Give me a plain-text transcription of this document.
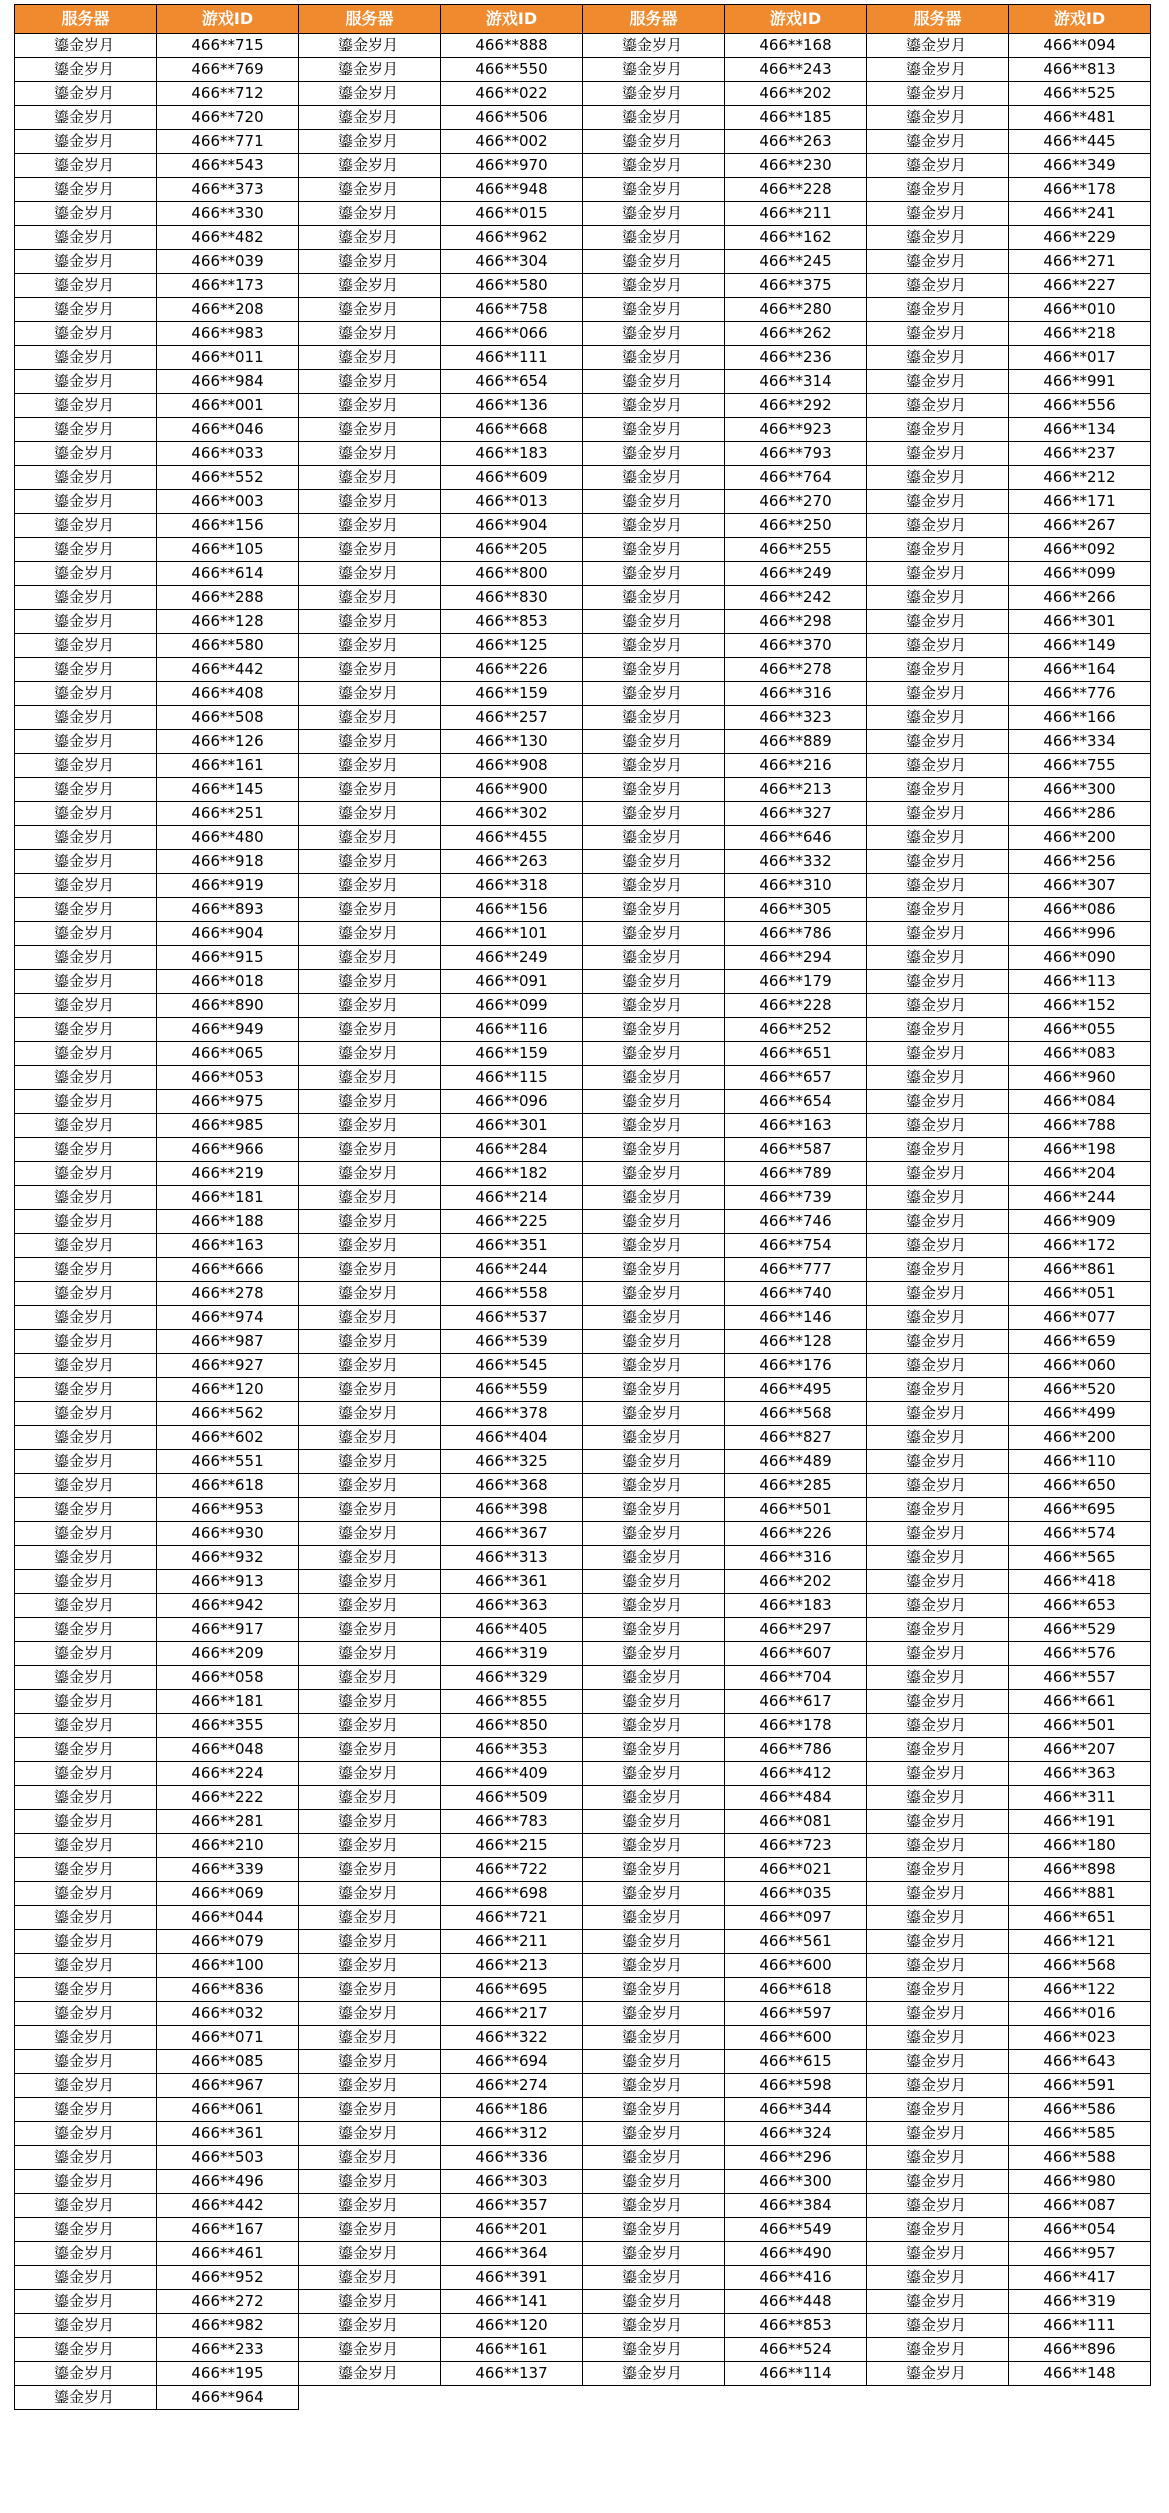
服务器	游戏ID	服务器	游戏ID	服务器	游戏ID	服务器	游戏ID
鎏金岁月	466**715	鎏金岁月	466**888	鎏金岁月	466**168	鎏金岁月	466**094
鎏金岁月	466**769	鎏金岁月	466**550	鎏金岁月	466**243	鎏金岁月	466**813
鎏金岁月	466**712	鎏金岁月	466**022	鎏金岁月	466**202	鎏金岁月	466**525
鎏金岁月	466**720	鎏金岁月	466**506	鎏金岁月	466**185	鎏金岁月	466**481
鎏金岁月	466**771	鎏金岁月	466**002	鎏金岁月	466**263	鎏金岁月	466**445
鎏金岁月	466**543	鎏金岁月	466**970	鎏金岁月	466**230	鎏金岁月	466**349
鎏金岁月	466**373	鎏金岁月	466**948	鎏金岁月	466**228	鎏金岁月	466**178
鎏金岁月	466**330	鎏金岁月	466**015	鎏金岁月	466**211	鎏金岁月	466**241
鎏金岁月	466**482	鎏金岁月	466**962	鎏金岁月	466**162	鎏金岁月	466**229
鎏金岁月	466**039	鎏金岁月	466**304	鎏金岁月	466**245	鎏金岁月	466**271
鎏金岁月	466**173	鎏金岁月	466**580	鎏金岁月	466**375	鎏金岁月	466**227
鎏金岁月	466**208	鎏金岁月	466**758	鎏金岁月	466**280	鎏金岁月	466**010
鎏金岁月	466**983	鎏金岁月	466**066	鎏金岁月	466**262	鎏金岁月	466**218
鎏金岁月	466**011	鎏金岁月	466**111	鎏金岁月	466**236	鎏金岁月	466**017
鎏金岁月	466**984	鎏金岁月	466**654	鎏金岁月	466**314	鎏金岁月	466**991
鎏金岁月	466**001	鎏金岁月	466**136	鎏金岁月	466**292	鎏金岁月	466**556
鎏金岁月	466**046	鎏金岁月	466**668	鎏金岁月	466**923	鎏金岁月	466**134
鎏金岁月	466**033	鎏金岁月	466**183	鎏金岁月	466**793	鎏金岁月	466**237
鎏金岁月	466**552	鎏金岁月	466**609	鎏金岁月	466**764	鎏金岁月	466**212
鎏金岁月	466**003	鎏金岁月	466**013	鎏金岁月	466**270	鎏金岁月	466**171
鎏金岁月	466**156	鎏金岁月	466**904	鎏金岁月	466**250	鎏金岁月	466**267
鎏金岁月	466**105	鎏金岁月	466**205	鎏金岁月	466**255	鎏金岁月	466**092
鎏金岁月	466**614	鎏金岁月	466**800	鎏金岁月	466**249	鎏金岁月	466**099
鎏金岁月	466**288	鎏金岁月	466**830	鎏金岁月	466**242	鎏金岁月	466**266
鎏金岁月	466**128	鎏金岁月	466**853	鎏金岁月	466**298	鎏金岁月	466**301
鎏金岁月	466**580	鎏金岁月	466**125	鎏金岁月	466**370	鎏金岁月	466**149
鎏金岁月	466**442	鎏金岁月	466**226	鎏金岁月	466**278	鎏金岁月	466**164
鎏金岁月	466**408	鎏金岁月	466**159	鎏金岁月	466**316	鎏金岁月	466**776
鎏金岁月	466**508	鎏金岁月	466**257	鎏金岁月	466**323	鎏金岁月	466**166
鎏金岁月	466**126	鎏金岁月	466**130	鎏金岁月	466**889	鎏金岁月	466**334
鎏金岁月	466**161	鎏金岁月	466**908	鎏金岁月	466**216	鎏金岁月	466**755
鎏金岁月	466**145	鎏金岁月	466**900	鎏金岁月	466**213	鎏金岁月	466**300
鎏金岁月	466**251	鎏金岁月	466**302	鎏金岁月	466**327	鎏金岁月	466**286
鎏金岁月	466**480	鎏金岁月	466**455	鎏金岁月	466**646	鎏金岁月	466**200
鎏金岁月	466**918	鎏金岁月	466**263	鎏金岁月	466**332	鎏金岁月	466**256
鎏金岁月	466**919	鎏金岁月	466**318	鎏金岁月	466**310	鎏金岁月	466**307
鎏金岁月	466**893	鎏金岁月	466**156	鎏金岁月	466**305	鎏金岁月	466**086
鎏金岁月	466**904	鎏金岁月	466**101	鎏金岁月	466**786	鎏金岁月	466**996
鎏金岁月	466**915	鎏金岁月	466**249	鎏金岁月	466**294	鎏金岁月	466**090
鎏金岁月	466**018	鎏金岁月	466**091	鎏金岁月	466**179	鎏金岁月	466**113
鎏金岁月	466**890	鎏金岁月	466**099	鎏金岁月	466**228	鎏金岁月	466**152
鎏金岁月	466**949	鎏金岁月	466**116	鎏金岁月	466**252	鎏金岁月	466**055
鎏金岁月	466**065	鎏金岁月	466**159	鎏金岁月	466**651	鎏金岁月	466**083
鎏金岁月	466**053	鎏金岁月	466**115	鎏金岁月	466**657	鎏金岁月	466**960
鎏金岁月	466**975	鎏金岁月	466**096	鎏金岁月	466**654	鎏金岁月	466**084
鎏金岁月	466**985	鎏金岁月	466**301	鎏金岁月	466**163	鎏金岁月	466**788
鎏金岁月	466**966	鎏金岁月	466**284	鎏金岁月	466**587	鎏金岁月	466**198
鎏金岁月	466**219	鎏金岁月	466**182	鎏金岁月	466**789	鎏金岁月	466**204
鎏金岁月	466**181	鎏金岁月	466**214	鎏金岁月	466**739	鎏金岁月	466**244
鎏金岁月	466**188	鎏金岁月	466**225	鎏金岁月	466**746	鎏金岁月	466**909
鎏金岁月	466**163	鎏金岁月	466**351	鎏金岁月	466**754	鎏金岁月	466**172
鎏金岁月	466**666	鎏金岁月	466**244	鎏金岁月	466**777	鎏金岁月	466**861
鎏金岁月	466**278	鎏金岁月	466**558	鎏金岁月	466**740	鎏金岁月	466**051
鎏金岁月	466**974	鎏金岁月	466**537	鎏金岁月	466**146	鎏金岁月	466**077
鎏金岁月	466**987	鎏金岁月	466**539	鎏金岁月	466**128	鎏金岁月	466**659
鎏金岁月	466**927	鎏金岁月	466**545	鎏金岁月	466**176	鎏金岁月	466**060
鎏金岁月	466**120	鎏金岁月	466**559	鎏金岁月	466**495	鎏金岁月	466**520
鎏金岁月	466**562	鎏金岁月	466**378	鎏金岁月	466**568	鎏金岁月	466**499
鎏金岁月	466**602	鎏金岁月	466**404	鎏金岁月	466**827	鎏金岁月	466**200
鎏金岁月	466**551	鎏金岁月	466**325	鎏金岁月	466**489	鎏金岁月	466**110
鎏金岁月	466**618	鎏金岁月	466**368	鎏金岁月	466**285	鎏金岁月	466**650
鎏金岁月	466**953	鎏金岁月	466**398	鎏金岁月	466**501	鎏金岁月	466**695
鎏金岁月	466**930	鎏金岁月	466**367	鎏金岁月	466**226	鎏金岁月	466**574
鎏金岁月	466**932	鎏金岁月	466**313	鎏金岁月	466**316	鎏金岁月	466**565
鎏金岁月	466**913	鎏金岁月	466**361	鎏金岁月	466**202	鎏金岁月	466**418
鎏金岁月	466**942	鎏金岁月	466**363	鎏金岁月	466**183	鎏金岁月	466**653
鎏金岁月	466**917	鎏金岁月	466**405	鎏金岁月	466**297	鎏金岁月	466**529
鎏金岁月	466**209	鎏金岁月	466**319	鎏金岁月	466**607	鎏金岁月	466**576
鎏金岁月	466**058	鎏金岁月	466**329	鎏金岁月	466**704	鎏金岁月	466**557
鎏金岁月	466**181	鎏金岁月	466**855	鎏金岁月	466**617	鎏金岁月	466**661
鎏金岁月	466**355	鎏金岁月	466**850	鎏金岁月	466**178	鎏金岁月	466**501
鎏金岁月	466**048	鎏金岁月	466**353	鎏金岁月	466**786	鎏金岁月	466**207
鎏金岁月	466**224	鎏金岁月	466**409	鎏金岁月	466**412	鎏金岁月	466**363
鎏金岁月	466**222	鎏金岁月	466**509	鎏金岁月	466**484	鎏金岁月	466**311
鎏金岁月	466**281	鎏金岁月	466**783	鎏金岁月	466**081	鎏金岁月	466**191
鎏金岁月	466**210	鎏金岁月	466**215	鎏金岁月	466**723	鎏金岁月	466**180
鎏金岁月	466**339	鎏金岁月	466**722	鎏金岁月	466**021	鎏金岁月	466**898
鎏金岁月	466**069	鎏金岁月	466**698	鎏金岁月	466**035	鎏金岁月	466**881
鎏金岁月	466**044	鎏金岁月	466**721	鎏金岁月	466**097	鎏金岁月	466**651
鎏金岁月	466**079	鎏金岁月	466**211	鎏金岁月	466**561	鎏金岁月	466**121
鎏金岁月	466**100	鎏金岁月	466**213	鎏金岁月	466**600	鎏金岁月	466**568
鎏金岁月	466**836	鎏金岁月	466**695	鎏金岁月	466**618	鎏金岁月	466**122
鎏金岁月	466**032	鎏金岁月	466**217	鎏金岁月	466**597	鎏金岁月	466**016
鎏金岁月	466**071	鎏金岁月	466**322	鎏金岁月	466**600	鎏金岁月	466**023
鎏金岁月	466**085	鎏金岁月	466**694	鎏金岁月	466**615	鎏金岁月	466**643
鎏金岁月	466**967	鎏金岁月	466**274	鎏金岁月	466**598	鎏金岁月	466**591
鎏金岁月	466**061	鎏金岁月	466**186	鎏金岁月	466**344	鎏金岁月	466**586
鎏金岁月	466**361	鎏金岁月	466**312	鎏金岁月	466**324	鎏金岁月	466**585
鎏金岁月	466**503	鎏金岁月	466**336	鎏金岁月	466**296	鎏金岁月	466**588
鎏金岁月	466**496	鎏金岁月	466**303	鎏金岁月	466**300	鎏金岁月	466**980
鎏金岁月	466**442	鎏金岁月	466**357	鎏金岁月	466**384	鎏金岁月	466**087
鎏金岁月	466**167	鎏金岁月	466**201	鎏金岁月	466**549	鎏金岁月	466**054
鎏金岁月	466**461	鎏金岁月	466**364	鎏金岁月	466**490	鎏金岁月	466**957
鎏金岁月	466**952	鎏金岁月	466**391	鎏金岁月	466**416	鎏金岁月	466**417
鎏金岁月	466**272	鎏金岁月	466**141	鎏金岁月	466**448	鎏金岁月	466**319
鎏金岁月	466**982	鎏金岁月	466**120	鎏金岁月	466**853	鎏金岁月	466**111
鎏金岁月	466**233	鎏金岁月	466**161	鎏金岁月	466**524	鎏金岁月	466**896
鎏金岁月	466**195	鎏金岁月	466**137	鎏金岁月	466**114	鎏金岁月	466**148
鎏金岁月	466**964						
